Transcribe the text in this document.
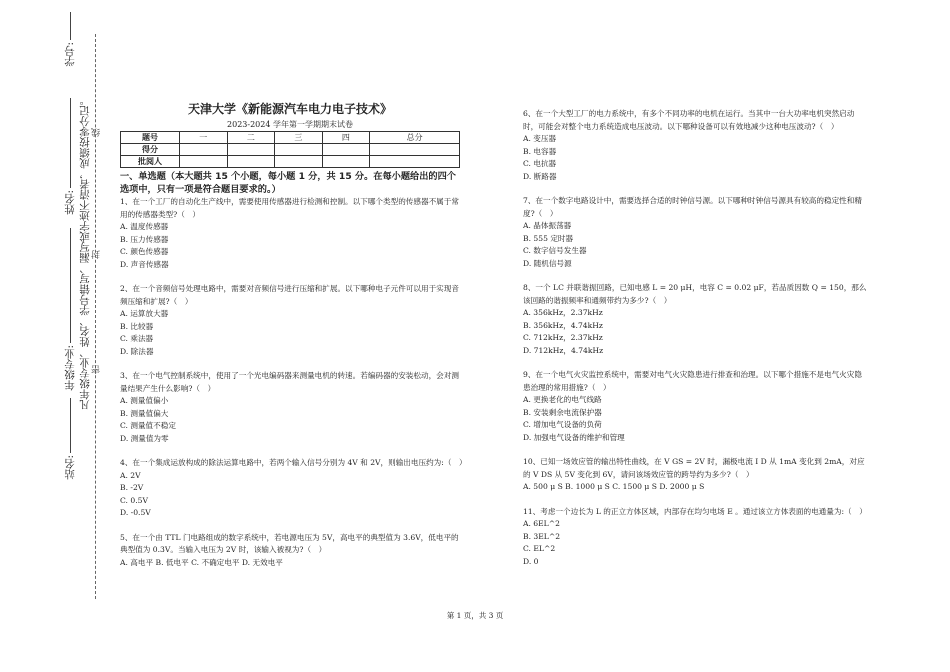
学号:
姓名:
年级专业:
站名:
凡年级专业、姓名、学号错写、漏写或字迹不清者，成绩按零分记。 密
封
线
天津大学《新能源汽车电力电子技术》
2023-2024 学年第一学期期末试卷
题号	一	二	三	四	总分
得分					
批阅人					
一、单选题（本大题共 15 个小题，每小题 1 分，共 15 分。在每小题给出的四个选项中，只有一项是符合题目要求的。）

1、在一个工厂的自动化生产线中，需要使用传感器进行检测和控制。以下哪个类型的传感器不属于常用的传感器类型?（　）

A. 温度传感器

B. 压力传感器

C. 颜色传感器

D. 声音传感器

2、在一个音频信号处理电路中，需要对音频信号进行压缩和扩展。以下哪种电子元件可以用于实现音频压缩和扩展?（　）

A. 运算放大器

B. 比较器

C. 乘法器

D. 除法器

3、在一个电气控制系统中，使用了一个光电编码器来测量电机的转速。若编码器的安装松动，会对测量结果产生什么影响?（　）

A. 测量值偏小

B. 测量值偏大

C. 测量值不稳定

D. 测量值为零

4、在一个集成运放构成的除法运算电路中，若两个输入信号分别为 4V 和 2V，则输出电压约为:（　）

A. 2V

B. -2V

C. 0.5V

D. -0.5V

5、在一个由 TTL 门电路组成的数字系统中，若电源电压为 5V，高电平的典型值为 3.6V，低电平的典型值为 0.3V。当输入电压为 2V 时，该输入被视为?（　）

A. 高电平 B. 低电平 C. 不确定电平 D. 无效电平

6、在一个大型工厂的电力系统中，有多个不同功率的电机在运行。当其中一台大功率电机突然启动时，可能会对整个电力系统造成电压波动。以下哪种设备可以有效地减少这种电压波动?（　）

A. 变压器

B. 电容器

C. 电抗器

D. 断路器

7、在一个数字电路设计中，需要选择合适的时钟信号源。以下哪种时钟信号源具有较高的稳定性和精度?（　）

A. 晶体振荡器

B. 555 定时器

C. 数字信号发生器

D. 随机信号源

8、一个 LC 并联谐振回路，已知电感 L = 20 μH，电容 C = 0.02 μF，若品质因数 Q = 150，那么该回路的谐振频率和通频带约为多少?（　）

A. 356kHz，2.37kHz

B. 356kHz，4.74kHz

C. 712kHz，2.37kHz

D. 712kHz，4.74kHz

9、在一个电气火灾监控系统中，需要对电气火灾隐患进行排查和治理。以下哪个措施不是电气火灾隐患治理的常用措施?（　）

A. 更换老化的电气线路

B. 安装剩余电流保护器

C. 增加电气设备的负荷

D. 加强电气设备的维护和管理

10、已知一场效应管的输出特性曲线，在 V GS = 2V 时，漏极电流 I D 从 1mA 变化到 2mA，对应的 V DS 从 5V 变化到 6V，请问该场效应管的跨导约为多少?（　）

A. 500 μ S B. 1000 μ S C. 1500 μ S D. 2000 μ S

11、考虑一个边长为 L 的正立方体区域，内部存在均匀电场 E 。通过该立方体表面的电通量为:（　）

A. 6EL^2

B. 3EL^2

C. EL^2

D. 0

第 1 页，共 3 页
